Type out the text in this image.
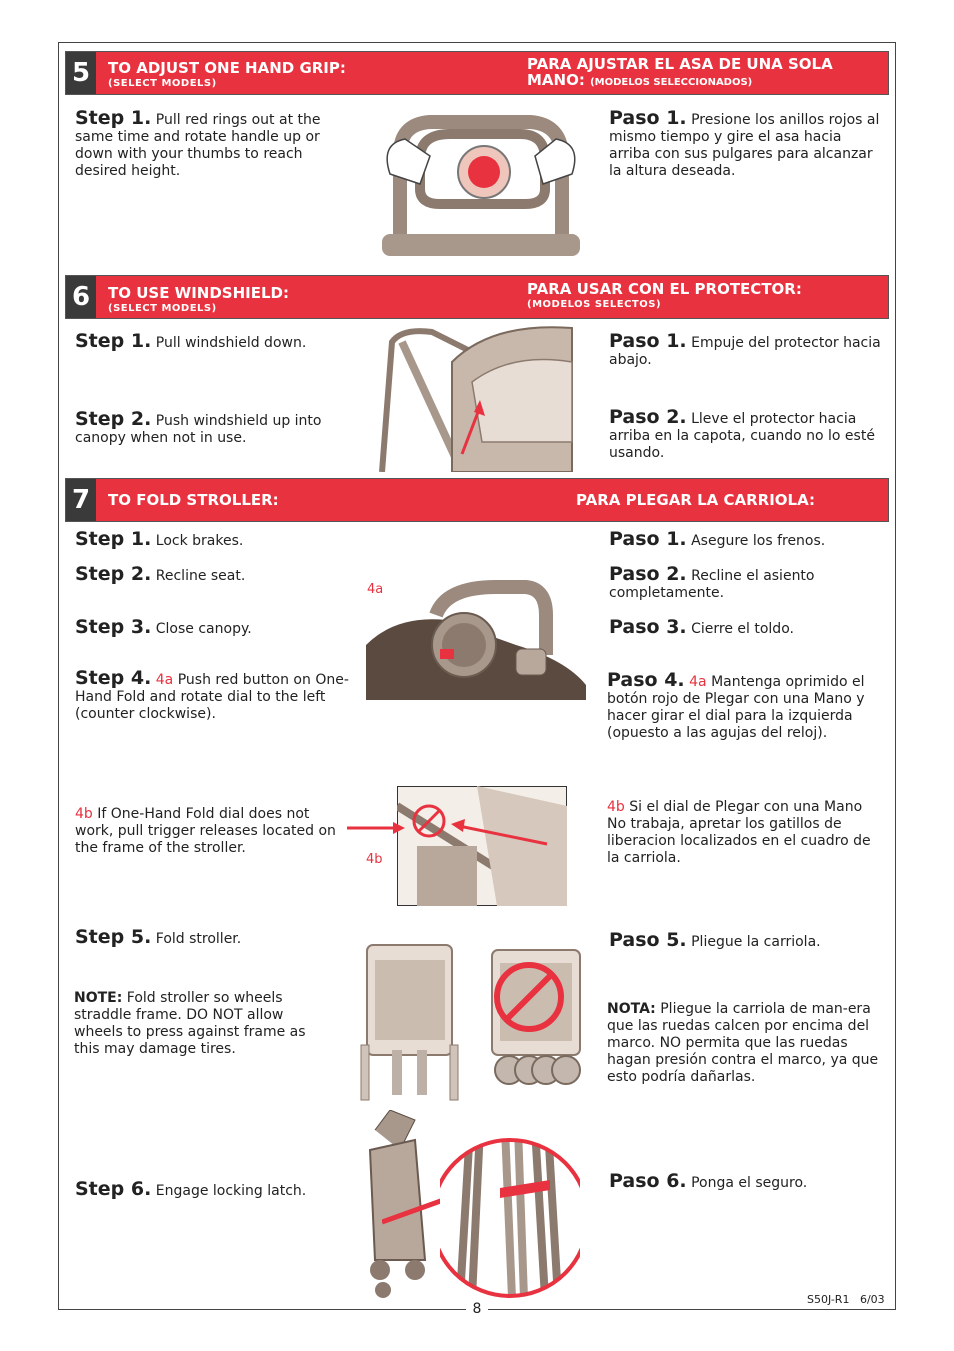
5	TO ADJUST ONE HAND GRIP:
(SELECT MODELS)
PARA AJUSTAR EL ASA DE UNA SOLA MANO: (MODELOS SELECCIONADOS)
Step 1. Pull red rings out at the same time and rotate handle up or down with your thumbs to reach desired height.
Paso 1. Presione los anillos rojos al mismo tiempo y gire el asa hacia arriba con sus pulgares para alcanzar la altura deseada.
6	TO USE WINDSHIELD:
(SELECT MODELS)
PARA USAR CON EL PROTECTOR:
(MODELOS SELECTOS)
Step 1. Pull windshield down.
Step 2. Push windshield up into canopy when not in use.
Paso 1. Empuje del protector hacia abajo.
Paso 2. Lleve el protector hacia arriba en la capota, cuando no lo esté usando.
7	TO FOLD STROLLER:	PARA PLEGAR LA CARRIOLA:
Step 1. Lock brakes.
Step 2. Recline seat.
Step 3. Close canopy.
Step 4. 4a Push red button on One-Hand Fold and rotate dial to the left (counter clockwise).
4b If One-Hand Fold dial does not work, pull trigger releases located on the frame of the stroller.
Step 5. Fold stroller.
NOTE: Fold stroller so wheels straddle frame. DO NOT allow wheels to press against frame as this may damage tires.
Step 6. Engage locking latch.
Paso 1. Asegure los frenos.
Paso 2. Recline el asiento completamente.
Paso 3. Cierre el toldo.
Paso 4. 4a Mantenga oprimido el botón rojo de Plegar con una Mano y hacer girar el dial para la izquierda (opuesto a las agujas del reloj).
4b Si el dial de Plegar con una Mano No trabaja, apretar los gatillos de liberacion localizados en el cuadro de la carriola.
Paso 5. Pliegue la carriola.
NOTA: Pliegue la carriola de man-era que las ruedas calcen por encima del marco. NO permita que las ruedas hagan presión contra el marco, ya que esto podría dañarlas.
Paso 6. Ponga el seguro.
4a
4b
8
S50J-R1 6/03
